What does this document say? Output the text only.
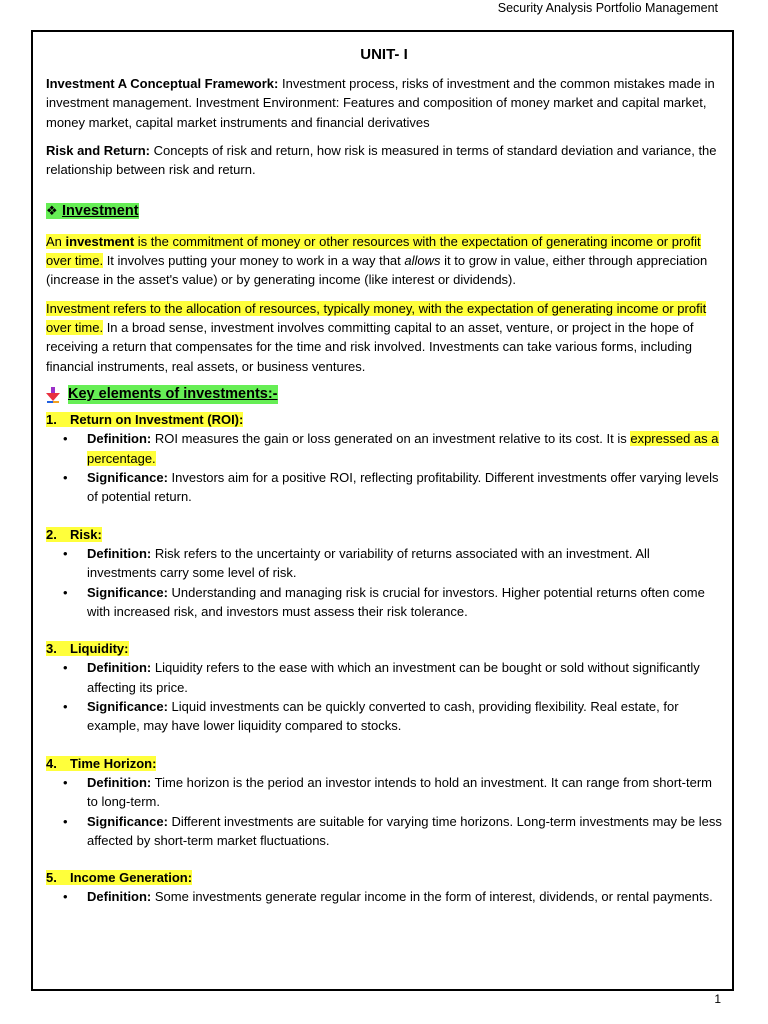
Security Analysis Portfolio Management
UNIT- I

Investment A Conceptual Framework: Investment process, risks of investment and the common mistakes made in investment management. Investment Environment: Features and composition of money market and capital market, money market, capital market instruments and financial derivatives

Risk and Return: Concepts of risk and return, how risk is measured in terms of standard deviation and variance, the relationship between risk and return.

❖ Investment

An investment is the commitment of money or other resources with the expectation of generating income or profit over time. It involves putting your money to work in a way that allows it to grow in value, either through appreciation (increase in the asset's value) or by generating income (like interest or dividends).

Investment refers to the allocation of resources, typically money, with the expectation of generating income or profit over time. In a broad sense, investment involves committing capital to an asset, venture, or project in the hope of receiving a return that compensates for the time and risk involved. Investments can take various forms, including financial instruments, real assets, or business ventures.

Key elements of investments:-

1. Return on Investment (ROI):

• Definition: ROI measures the gain or loss generated on an investment relative to its cost. It is expressed as a percentage.
• Significance: Investors aim for a positive ROI, reflecting profitability. Different investments offer varying levels of potential return.

2. Risk:

• Definition: Risk refers to the uncertainty or variability of returns associated with an investment. All investments carry some level of risk.
• Significance: Understanding and managing risk is crucial for investors. Higher potential returns often come with increased risk, and investors must assess their risk tolerance.

3. Liquidity:

• Definition: Liquidity refers to the ease with which an investment can be bought or sold without significantly affecting its price.
• Significance: Liquid investments can be quickly converted to cash, providing flexibility. Real estate, for example, may have lower liquidity compared to stocks.

4. Time Horizon:

• Definition: Time horizon is the period an investor intends to hold an investment. It can range from short-term to long-term.
• Significance: Different investments are suitable for varying time horizons. Long-term investments may be less affected by short-term market fluctuations.

5. Income Generation:

• Definition: Some investments generate regular income in the form of interest, dividends, or rental payments.
1
